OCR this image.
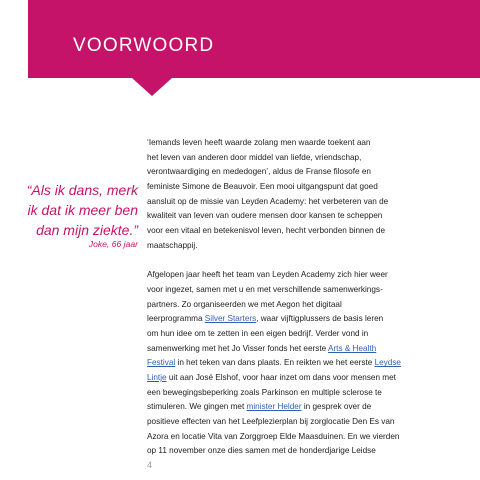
VOORWOORD
“Als ik dans, merk
ik dat ik meer ben
dan mijn ziekte.”
Joke, 66 jaar
‘Iemands leven heeft waarde zolang men waarde toekent aan
het leven van anderen door middel van liefde, vriendschap,
verontwaardiging en mededogen’, aldus de Franse filosofe en
feministe Simone de Beauvoir. Een mooi uitgangspunt dat goed
aansluit op de missie van Leyden Academy: het verbeteren van de
kwaliteit van leven van oudere mensen door kansen te scheppen
voor een vitaal en betekenisvol leven, hecht verbonden binnen de
maatschappij.
Afgelopen jaar heeft het team van Leyden Academy zich hier weer
voor ingezet, samen met u en met verschillende samenwerkings-
partners. Zo organiseerden we met Aegon het digitaal
leerprogramma Silver Starters, waar vijftigplussers de basis leren
om hun idee om te zetten in een eigen bedrijf. Verder vond in
samenwerking met het Jo Visser fonds het eerste Arts & Health
Festival in het teken van dans plaats. En reikten we het eerste Leydse
Lintje uit aan José Elshof, voor haar inzet om dans voor mensen met
een bewegingsbeperking zoals Parkinson en multiple sclerose te
stimuleren. We gingen met minister Helder in gesprek over de
positieve effecten van het Leefplezierplan bij zorglocatie Den Es van
Azora en locatie Vita van Zorggroep Elde Maasduinen. En we vierden
op 11 november onze dies samen met de honderdjarige Leidse
4
